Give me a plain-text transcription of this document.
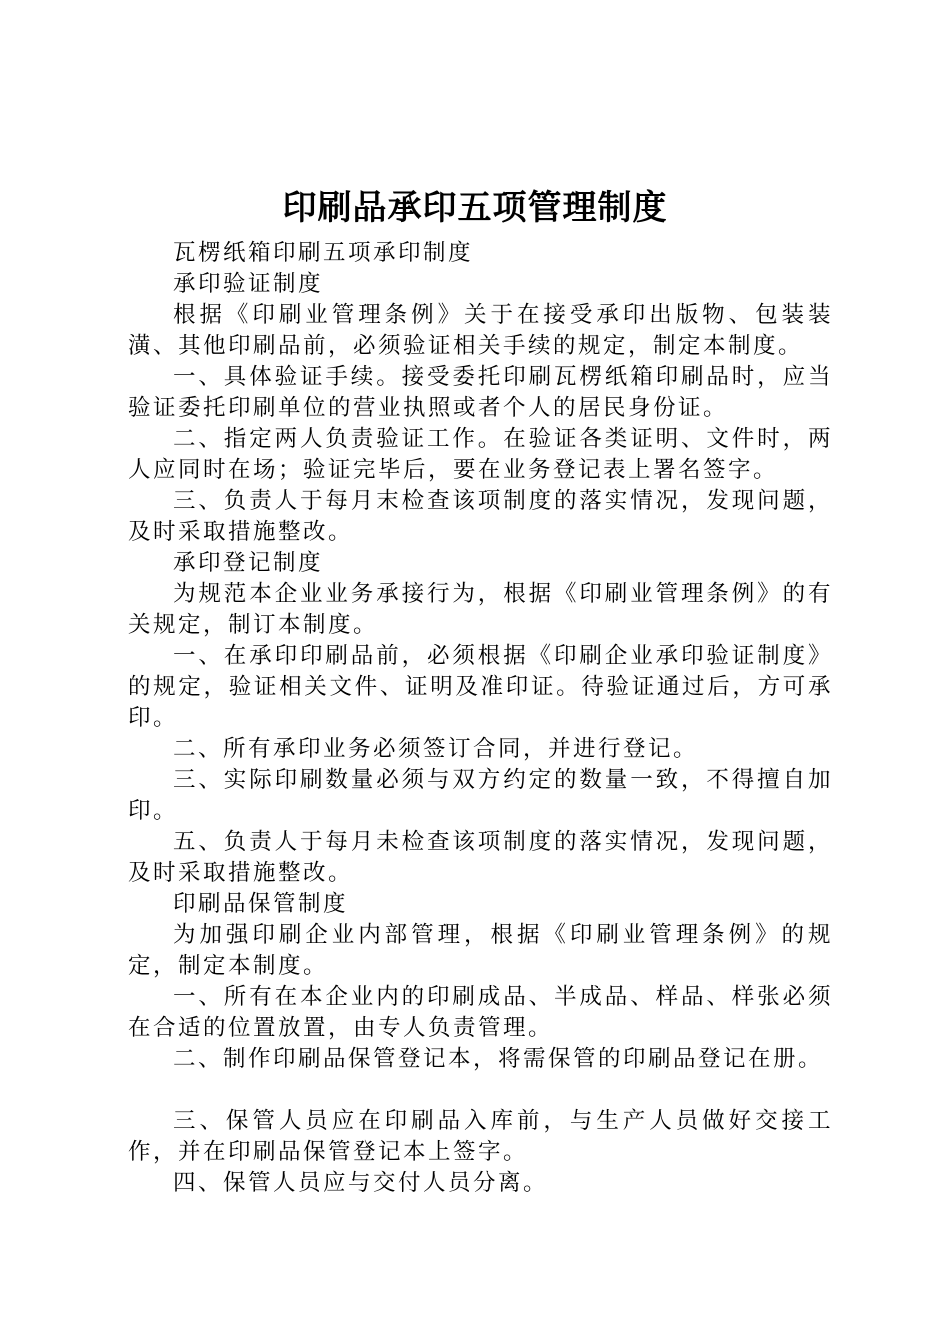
印刷品承印五项管理制度

瓦楞纸箱印刷五项承印制度

承印验证制度

根据《印刷业管理条例》关于在接受承印出版物、包装装潢、其他印刷品前，必须验证相关手续的规定，制定本制度。

一、具体验证手续。接受委托印刷瓦楞纸箱印刷品时，应当验证委托印刷单位的营业执照或者个人的居民身份证。

二、指定两人负责验证工作。在验证各类证明、文件时，两人应同时在场；验证完毕后，要在业务登记表上署名签字。

三、负责人于每月末检查该项制度的落实情况，发现问题，及时采取措施整改。

承印登记制度

为规范本企业业务承接行为，根据《印刷业管理条例》的有关规定，制订本制度。

一、在承印印刷品前，必须根据《印刷企业承印验证制度》的规定，验证相关文件、证明及准印证。待验证通过后，方可承印。

二、所有承印业务必须签订合同，并进行登记。

三、实际印刷数量必须与双方约定的数量一致，不得擅自加印。

五、负责人于每月未检查该项制度的落实情况，发现问题，及时采取措施整改。

印刷品保管制度

为加强印刷企业内部管理，根据《印刷业管理条例》的规定，制定本制度。

一、所有在本企业内的印刷成品、半成品、样品、样张必须在合适的位置放置，由专人负责管理。

二、制作印刷品保管登记本，将需保管的印刷品登记在册。

三、保管人员应在印刷品入库前，与生产人员做好交接工作，并在印刷品保管登记本上签字。

四、保管人员应与交付人员分离。
